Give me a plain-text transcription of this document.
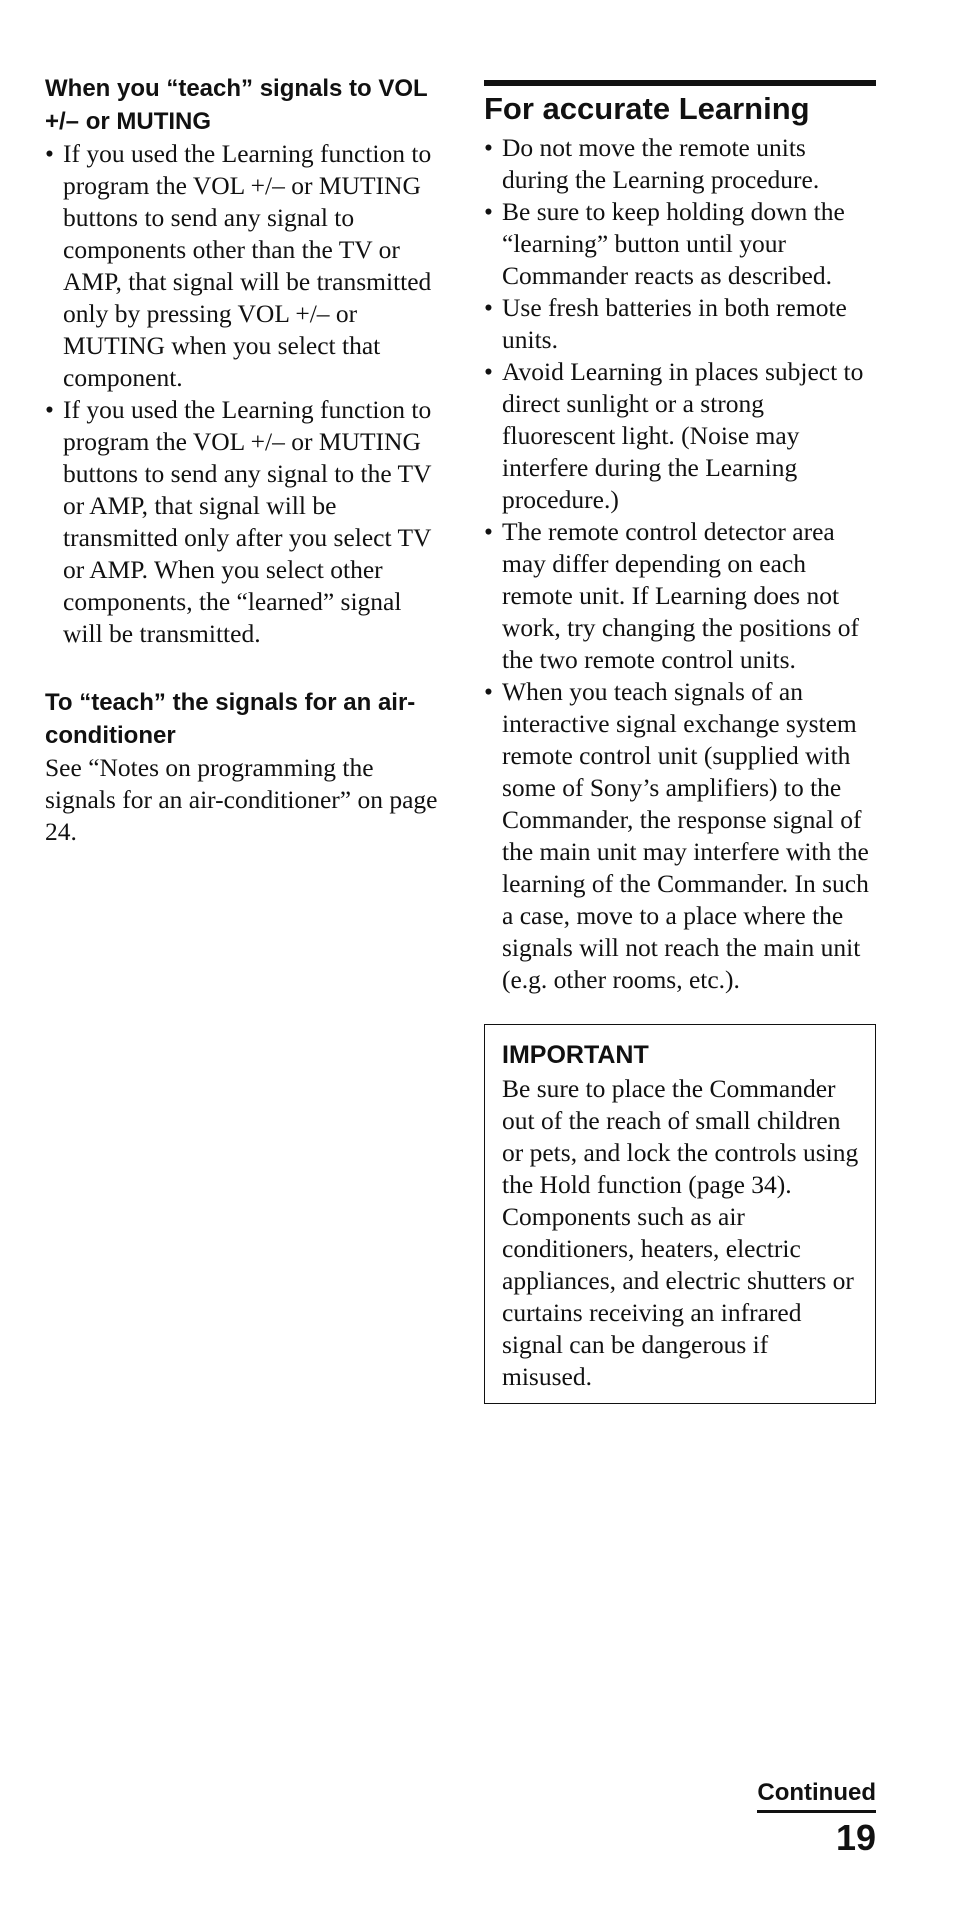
When you “teach” signals to VOL +/– or MUTING
• If you used the Learning function to program the VOL +/– or MUTING buttons to send any signal to components other than the TV or AMP, that signal will be transmitted only by pressing VOL +/– or MUTING when you select that component.
• If you used the Learning function to program the VOL +/– or MUTING buttons to send any signal to the TV or AMP, that signal will be transmitted only after you select TV or AMP. When you select other components, the “learned” signal will be transmitted.
To “teach” the signals for an air-conditioner

See “Notes on programming the signals for an air-conditioner” on page 24.

For accurate Learning
• Do not move the remote units during the Learning procedure.
• Be sure to keep holding down the “learning” button until your Commander reacts as described.
• Use fresh batteries in both remote units.
• Avoid Learning in places subject to direct sunlight or a strong fluorescent light. (Noise may interfere during the Learning procedure.)
• The remote control detector area may differ depending on each remote unit. If Learning does not work, try changing the positions of the two remote control units.
• When you teach signals of an interactive signal exchange system remote control unit (supplied with some of Sony’s amplifiers) to the Commander, the response signal of the main unit may interfere with the learning of the Commander. In such a case, move to a place where the signals will not reach the main unit (e.g. other rooms, etc.).
IMPORTANT

Be sure to place the Commander out of the reach of small children or pets, and lock the controls using the Hold function (page 34).

Components such as air conditioners, heaters, electric appliances, and electric shutters or curtains receiving an infrared signal can be dangerous if misused.

Continued
19
